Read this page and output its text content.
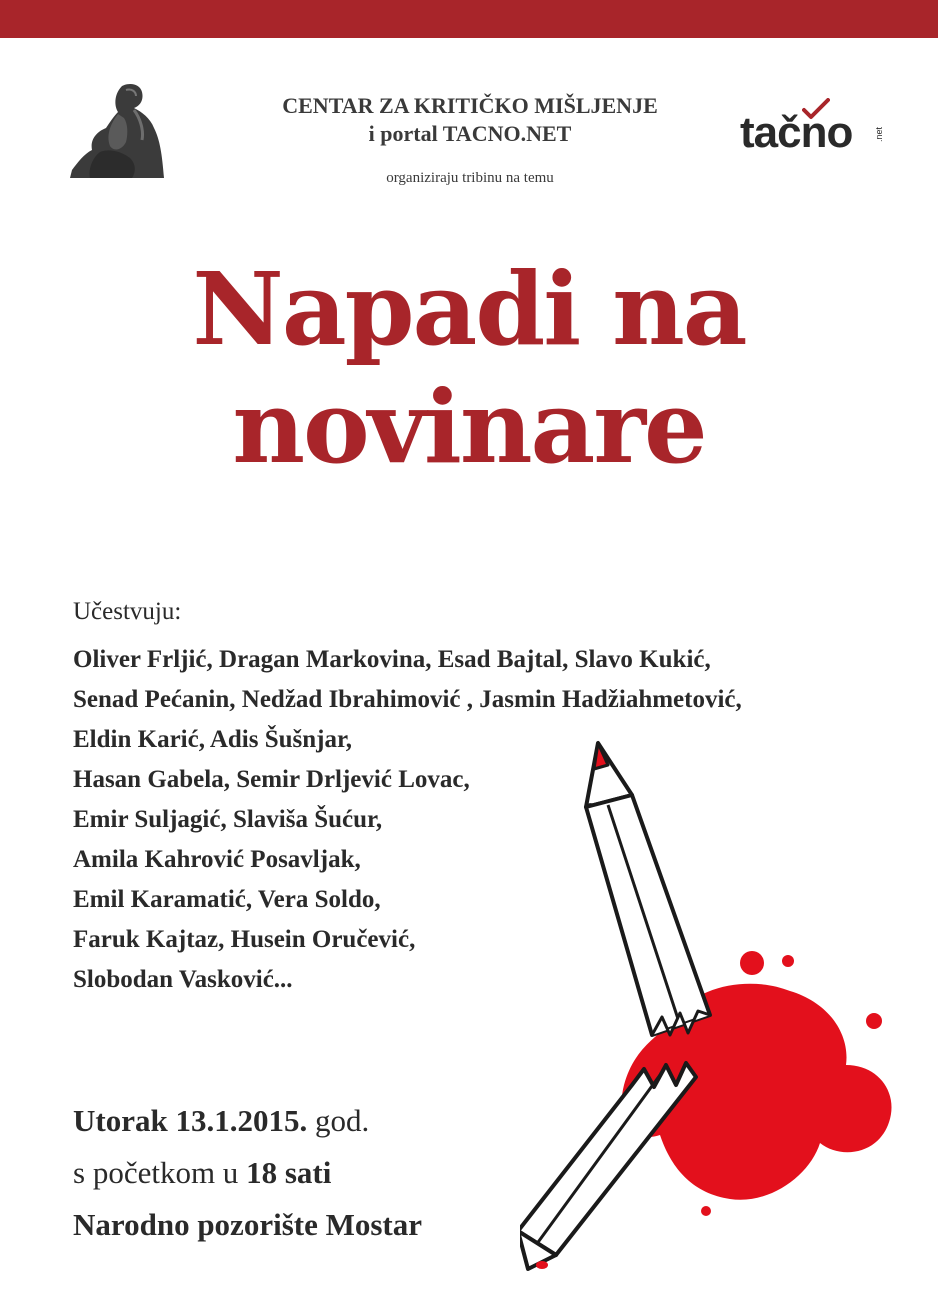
CENTAR ZA KRITIČKO MIŠLJENJE
i portal TACNO.NET
organiziraju tribinu na temu
tačno .net
Napadi na
novinare
Učestvuju:
Oliver Frljić, Dragan Markovina, Esad Bajtal, Slavo Kukić,
Senad Pećanin, Nedžad Ibrahimović , Jasmin Hadžiahmetović,
Eldin Karić, Adis Šušnjar,
Hasan Gabela, Semir Drljević Lovac,
Emir Suljagić, Slaviša Šućur,
Amila Kahrović Posavljak,
Emil Karamatić, Vera Soldo,
Faruk Kajtaz, Husein Oručević,
Slobodan Vasković...
Utorak 13.1.2015. god.
s početkom u 18 sati
Narodno pozorište Mostar
